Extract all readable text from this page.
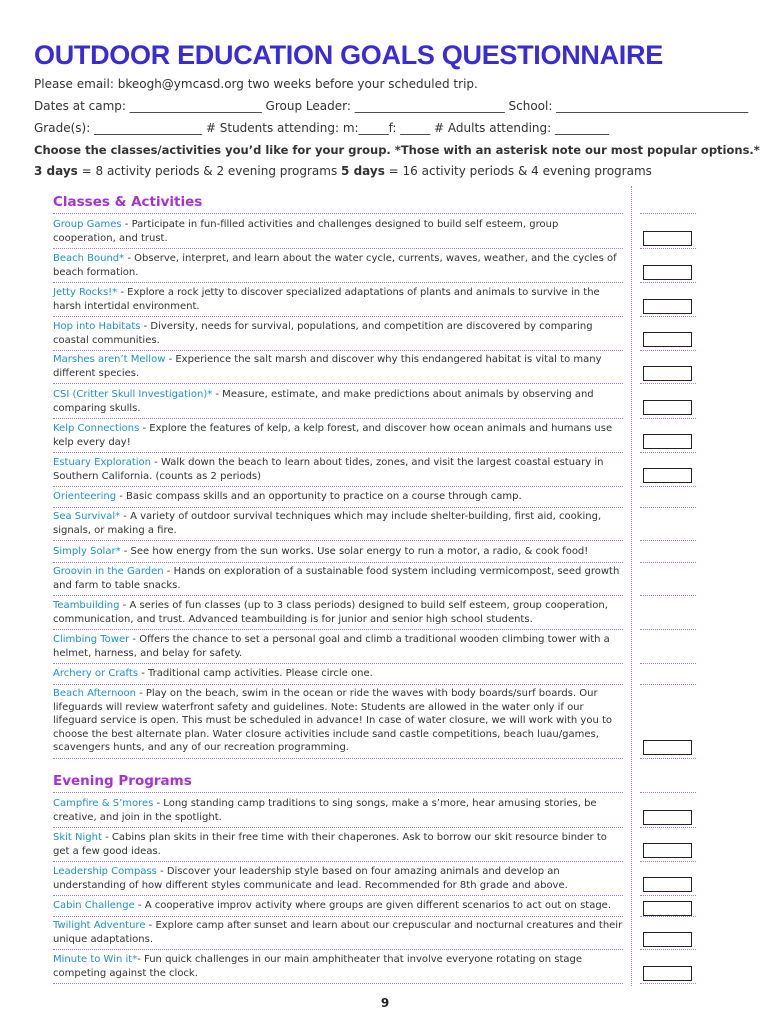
OUTDOOR EDUCATION GOALS QUESTIONNAIRE
Please email: bkeogh@ymcasd.org two weeks before your scheduled trip.
Dates at camp: ______________________ Group Leader: _________________________ School: ________________________________
Grade(s): __________________ # Students attending: m:_____f: _____ # Adults attending: _________
Choose the classes/activities you’d like for your group. *Those with an asterisk note our most popular options.*
3 days = 8 activity periods & 2 evening programs 5 days = 16 activity periods & 4 evening programs
Classes & Activities
Group Games - Participate in fun-filled activities and challenges designed to build self esteem, group cooperation, and trust.
Beach Bound* - Observe, interpret, and learn about the water cycle, currents, waves, weather, and the cycles of beach formation.
Jetty Rocks!* - Explore a rock jetty to discover specialized adaptations of plants and animals to survive in the harsh intertidal environment.
Hop into Habitats - Diversity, needs for survival, populations, and competition are discovered by comparing coastal communities.
Marshes aren’t Mellow - Experience the salt marsh and discover why this endangered habitat is vital to many different species.
CSI (Critter Skull Investigation)* - Measure, estimate, and make predictions about animals by observing and comparing skulls.
Kelp Connections - Explore the features of kelp, a kelp forest, and discover how ocean animals and humans use kelp every day!
Estuary Exploration - Walk down the beach to learn about tides, zones, and visit the largest coastal estuary in Southern California. (counts as 2 periods)
Orienteering - Basic compass skills and an opportunity to practice on a course through camp.
Sea Survival* - A variety of outdoor survival techniques which may include shelter-building, first aid, cooking, signals, or making a fire.
Simply Solar* - See how energy from the sun works. Use solar energy to run a motor, a radio, & cook food!
Groovin in the Garden - Hands on exploration of a sustainable food system including vermicompost, seed growth and farm to table snacks.
Teambuilding - A series of fun classes (up to 3 class periods) designed to build self esteem, group cooperation, communication, and trust. Advanced teambuilding is for junior and senior high school students.
Climbing Tower - Offers the chance to set a personal goal and climb a traditional wooden climbing tower with a helmet, harness, and belay for safety.
Archery or Crafts - Traditional camp activities. Please circle one.
Beach Afternoon - Play on the beach, swim in the ocean or ride the waves with body boards/surf boards. Our lifeguards will review waterfront safety and guidelines. Note: Students are allowed in the water only if our lifeguard service is open. This must be scheduled in advance! In case of water closure, we will work with you to choose the best alternate plan. Water closure activities include sand castle competitions, beach luau/games, scavengers hunts, and any of our recreation programming.
Evening Programs
Campfire & S’mores - Long standing camp traditions to sing songs, make a s’more, hear amusing stories, be creative, and join in the spotlight.
Skit Night - Cabins plan skits in their free time with their chaperones. Ask to borrow our skit resource binder to get a few good ideas.
Leadership Compass - Discover your leadership style based on four amazing animals and develop an understanding of how different styles communicate and lead. Recommended for 8th grade and above.
Cabin Challenge - A cooperative improv activity where groups are given different scenarios to act out on stage.
Twilight Adventure - Explore camp after sunset and learn about our crepuscular and nocturnal creatures and their unique adaptations.
Minute to Win it*- Fun quick challenges in our main amphitheater that involve everyone rotating on stage competing against the clock.
9
